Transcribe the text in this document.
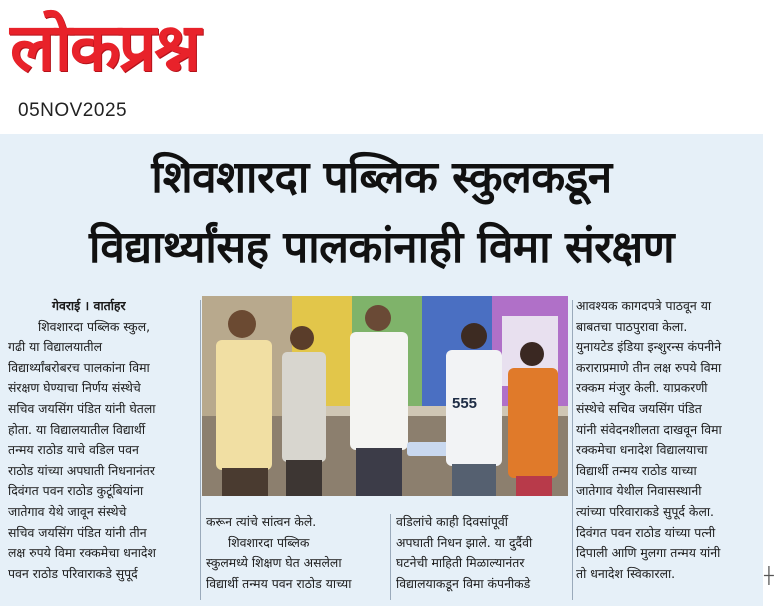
लोकप्रश्न
05NOV2025
शिवशारदा पब्लिक स्कुलकडून
विद्यार्थ्यांसह पालकांनाही विमा संरक्षण
गेवराई । वार्ताहर
शिवशारदा पब्लिक स्कुल,
गढी या विद्यालयातील
विद्यार्थ्यांबरोबरच पालकांना विमा
संरक्षण घेण्याचा निर्णय संस्थेचे
सचिव जयसिंग पंडित यांनी घेतला
होता. या विद्यालयातील विद्यार्थी
तन्मय राठोड याचे वडिल पवन
राठोड यांच्या अपघाती निधनानंतर
दिवंगत पवन राठोड कुटूंबियांना
जातेगाव येथे जावून संस्थेचे
सचिव जयसिंग पंडित यांनी तीन
लक्ष रुपये विमा रक्कमेचा धनादेश
पवन राठोड परिवाराकडे सुपूर्द
555
करून त्यांचे सांत्वन केले.
शिवशारदा पब्लिक
स्कुलमध्ये शिक्षण घेत असलेला
विद्यार्थी तन्मय पवन राठोड याच्या
वडिलांचे काही दिवसांपूर्वी
अपघाती निधन झाले. या दुर्दैवी
घटनेची माहिती मिळाल्यानंतर
विद्यालयाकडून विमा कंपनीकडे
आवश्यक कागदपत्रे पाठवून या
बाबतचा पाठपुरावा केला.
युनायटेड इंडिया इन्शुरन्स कंपनीने
कराराप्रमाणे तीन लक्ष रुपये विमा
रक्कम मंजुर केली. याप्रकरणी
संस्थेचे सचिव जयसिंग पंडित
यांनी संवेदनशीलता दाखवून विमा
रक्कमेचा धनादेश विद्यालयाचा
विद्यार्थी तन्मय राठोड याच्या
जातेगाव येथील निवासस्थानी
त्यांच्या परिवाराकडे सुपूर्द केला.
दिवंगत पवन राठोड यांच्या पत्नी
दिपाली आणि मुलगा तन्मय यांनी
तो धनादेश स्विकारला.	┼
